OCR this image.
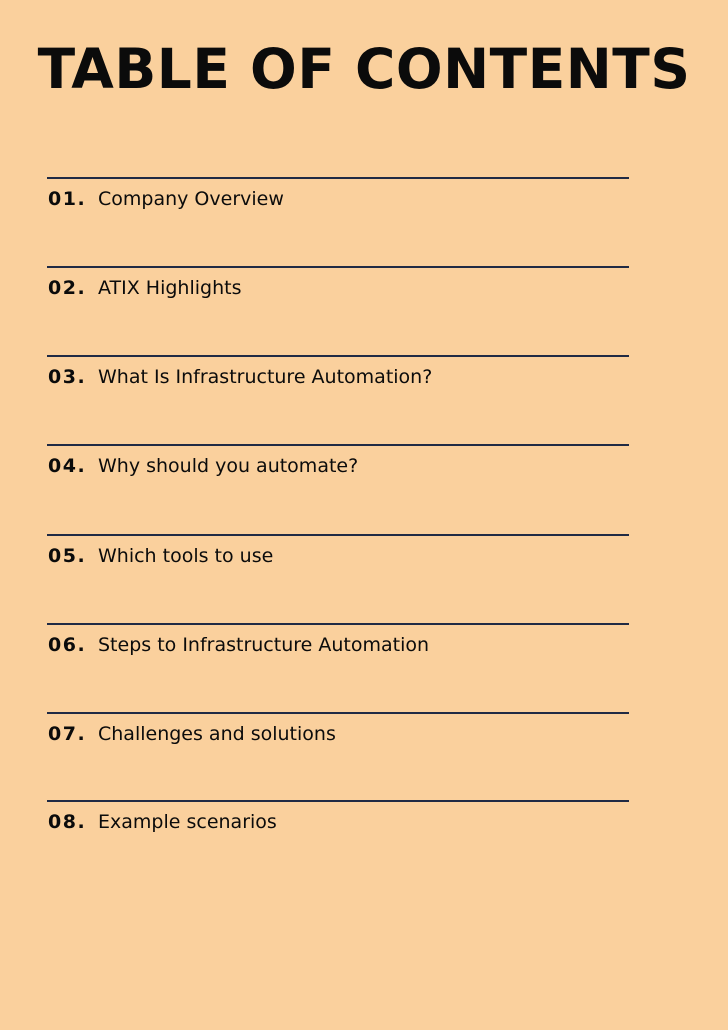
TABLE OF CONTENTS
01. Company Overview
02. ATIX Highlights
03. What Is Infrastructure Automation?
04. Why should you automate?
05. Which tools to use
06. Steps to Infrastructure Automation
07. Challenges and solutions
08. Example scenarios
